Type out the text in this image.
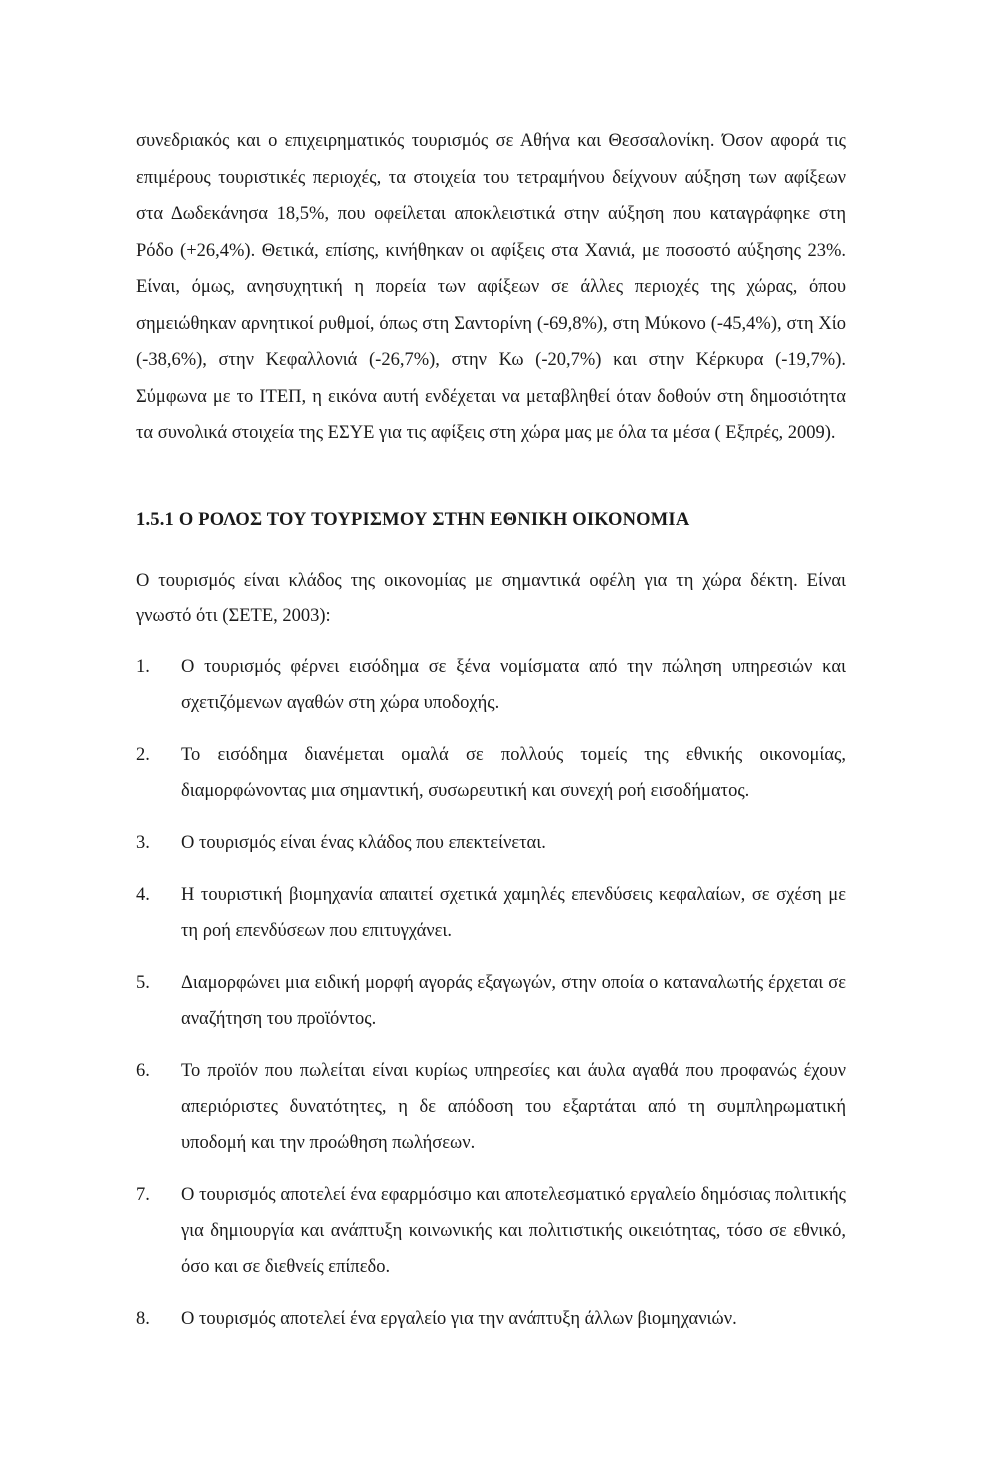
συνεδριακός και ο επιχειρηματικός τουρισμός σε Αθήνα και Θεσσαλονίκη. Όσον αφορά τις επιμέρους τουριστικές περιοχές, τα στοιχεία του τετραμήνου δείχνουν αύξηση των αφίξεων στα Δωδεκάνησα 18,5%, που οφείλεται αποκλειστικά στην αύξηση που καταγράφηκε στη Ρόδο (+26,4%). Θετικά, επίσης, κινήθηκαν οι αφίξεις στα Χανιά, με ποσοστό αύξησης 23%. Είναι, όμως, ανησυχητική η πορεία των αφίξεων σε άλλες περιοχές της χώρας, όπου σημειώθηκαν αρνητικοί ρυθμοί, όπως στη Σαντορίνη (-69,8%), στη Μύκονο (-45,4%), στη Χίο (-38,6%), στην Κεφαλλονιά (-26,7%), στην Κω (-20,7%) και στην Κέρκυρα (-19,7%). Σύμφωνα με το ΙΤΕΠ, η εικόνα αυτή ενδέχεται να μεταβληθεί όταν δοθούν στη δημοσιότητα τα συνολικά στοιχεία της ΕΣΥΕ για τις αφίξεις στη χώρα μας με όλα τα μέσα ( Εξπρές, 2009).

1.5.1 Ο ΡΟΛΟΣ ΤΟΥ ΤΟΥΡΙΣΜΟΥ ΣΤΗΝ ΕΘΝΙΚΗ ΟΙΚΟΝΟΜΙΑ

Ο τουρισμός είναι κλάδος της οικονομίας με σημαντικά οφέλη για τη χώρα δέκτη. Είναι γνωστό ότι (ΣΕΤΕ, 2003):

1.	Ο τουρισμός φέρνει εισόδημα σε ξένα νομίσματα από την πώληση υπηρεσιών και σχετιζόμενων αγαθών στη χώρα υποδοχής.
2.	Το εισόδημα διανέμεται ομαλά σε πολλούς τομείς της εθνικής οικονομίας, διαμορφώνοντας μια σημαντική, συσωρευτική και συνεχή ροή εισοδήματος.
3.	Ο τουρισμός είναι ένας κλάδος που επεκτείνεται.
4.	Η τουριστική βιομηχανία απαιτεί σχετικά χαμηλές επενδύσεις κεφαλαίων, σε σχέση με τη ροή επενδύσεων που επιτυγχάνει.
5.	Διαμορφώνει μια ειδική μορφή αγοράς εξαγωγών, στην οποία ο καταναλωτής έρχεται σε αναζήτηση του προϊόντος.
6.	Το προϊόν που πωλείται είναι κυρίως υπηρεσίες και άυλα αγαθά που προφανώς έχουν απεριόριστες δυνατότητες, η δε απόδοση του εξαρτάται από τη συμπληρωματική υποδομή και την προώθηση πωλήσεων.
7.	Ο τουρισμός αποτελεί ένα εφαρμόσιμο και αποτελεσματικό εργαλείο δημόσιας πολιτικής για δημιουργία και ανάπτυξη κοινωνικής και πολιτιστικής οικειότητας, τόσο σε εθνικό, όσο και σε διεθνείς επίπεδο.
8.	Ο τουρισμός αποτελεί ένα εργαλείο για την ανάπτυξη άλλων βιομηχανιών.
